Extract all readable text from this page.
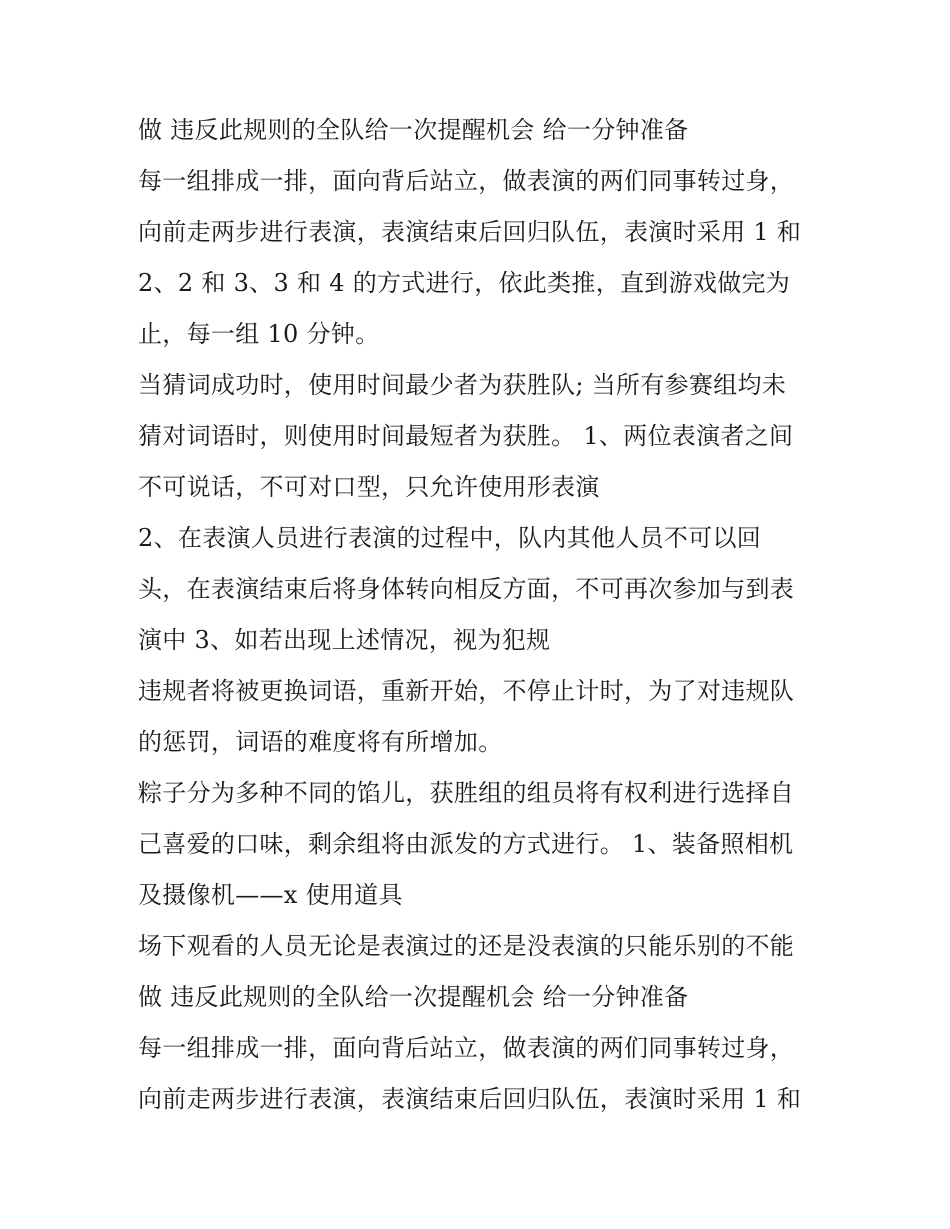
做 违反此规则的全队给一次提醒机会 给一分钟准备
每一组排成一排，面向背后站立，做表演的两们同事转过身，
向前走两步进行表演，表演结束后回归队伍，表演时采用 1 和
2、2 和 3、3 和 4 的方式进行，依此类推，直到游戏做完为
止，每一组 10 分钟。
当猜词成功时，使用时间最少者为获胜队; 当所有参赛组均未
猜对词语时，则使用时间最短者为获胜。 1、两位表演者之间
不可说话，不可对口型，只允许使用形表演
2、在表演人员进行表演的过程中，队内其他人员不可以回
头，在表演结束后将身体转向相反方面，不可再次参加与到表
演中 3、如若出现上述情况，视为犯规
违规者将被更换词语，重新开始，不停止计时，为了对违规队
的惩罚，词语的难度将有所增加。
粽子分为多种不同的馅儿，获胜组的组员将有权利进行选择自
己喜爱的口味，剩余组将由派发的方式进行。 1、装备照相机
及摄像机——x 使用道具
场下观看的人员无论是表演过的还是没表演的只能乐别的不能
做 违反此规则的全队给一次提醒机会 给一分钟准备
每一组排成一排，面向背后站立，做表演的两们同事转过身，
向前走两步进行表演，表演结束后回归队伍，表演时采用 1 和
